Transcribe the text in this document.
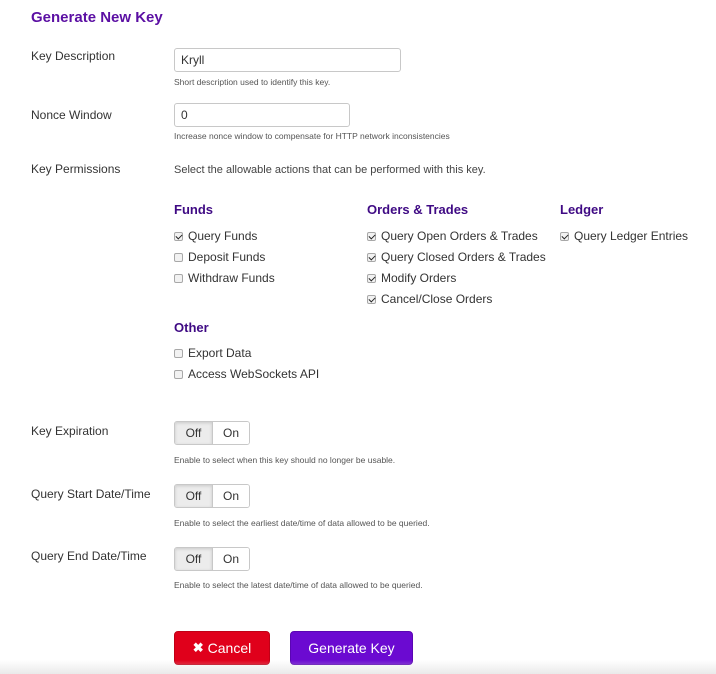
Generate New Key
Key Description
Kryll
Short description used to identify this key.
Nonce Window
0
Increase nonce window to compensate for HTTP network inconsistencies
Key Permissions	Select the allowable actions that can be performed with this key.
Funds
Query Funds
Deposit Funds
Withdraw Funds
Orders & Trades
Query Open Orders & Trades
Query Closed Orders & Trades
Modify Orders
Cancel/Close Orders
Ledger
Query Ledger Entries
Other
Export Data
Access WebSockets API
Key Expiration	Off	On
Enable to select when this key should no longer be usable.
Query Start Date/Time	Off	On
Enable to select the earliest date/time of data allowed to be queried.
Query End Date/Time	Off	On
Enable to select the latest date/time of data allowed to be queried.
✖ Cancel	Generate Key
